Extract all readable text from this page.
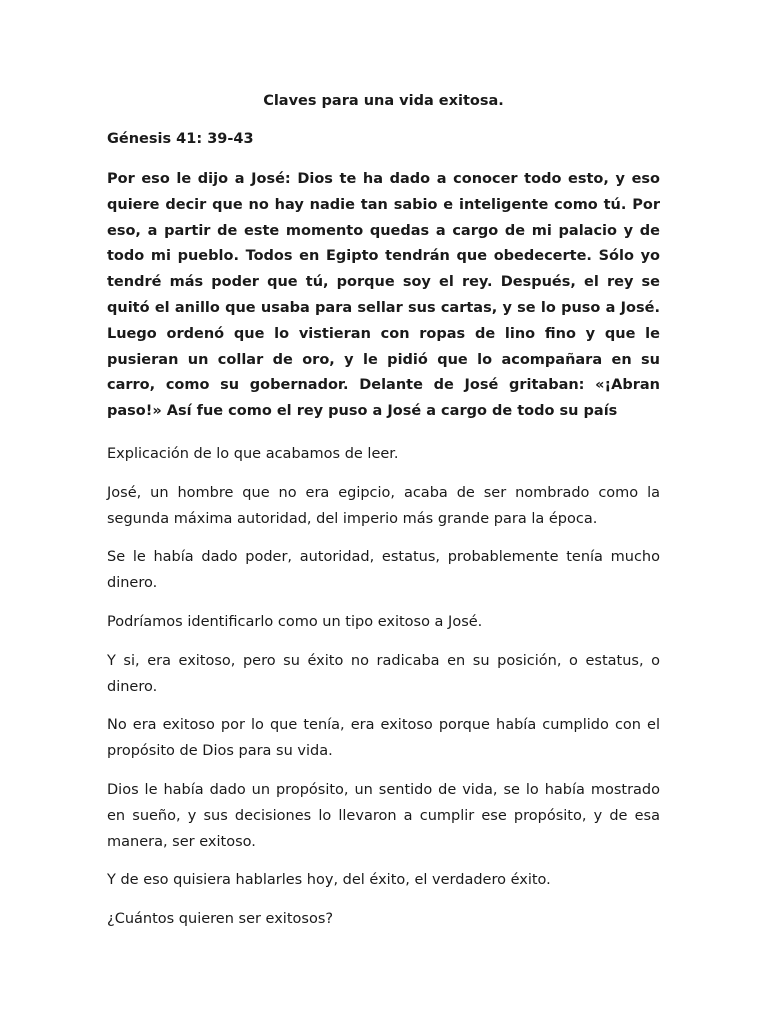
Claves para una vida exitosa.

Génesis 41: 39-43

Por eso le dijo a José: Dios te ha dado a conocer todo esto, y eso quiere decir que no hay nadie tan sabio e inteligente como tú. Por eso, a partir de este momento quedas a cargo de mi palacio y de todo mi pueblo. Todos en Egipto tendrán que obedecerte. Sólo yo tendré más poder que tú, porque soy el rey. Después, el rey se quitó el anillo que usaba para sellar sus cartas, y se lo puso a José. Luego ordenó que lo vistieran con ropas de lino fino y que le pusieran un collar de oro, y le pidió que lo acompañara en su carro, como su gobernador. Delante de José gritaban: «¡Abran paso!» Así fue como el rey puso a José a cargo de todo su país

Explicación de lo que acabamos de leer.

José, un hombre que no era egipcio, acaba de ser nombrado como la segunda máxima autoridad, del imperio más grande para la época.

Se le había dado poder, autoridad, estatus, probablemente tenía mucho dinero.

Podríamos identificarlo como un tipo exitoso a José.

Y si, era exitoso, pero su éxito no radicaba en su posición, o estatus, o dinero.

No era exitoso por lo que tenía, era exitoso porque había cumplido con el propósito de Dios para su vida.

Dios le había dado un propósito, un sentido de vida, se lo había mostrado en sueño, y sus decisiones lo llevaron a cumplir ese propósito, y de esa manera, ser exitoso.

Y de eso quisiera hablarles hoy, del éxito, el verdadero éxito.

¿Cuántos quieren ser exitosos?
